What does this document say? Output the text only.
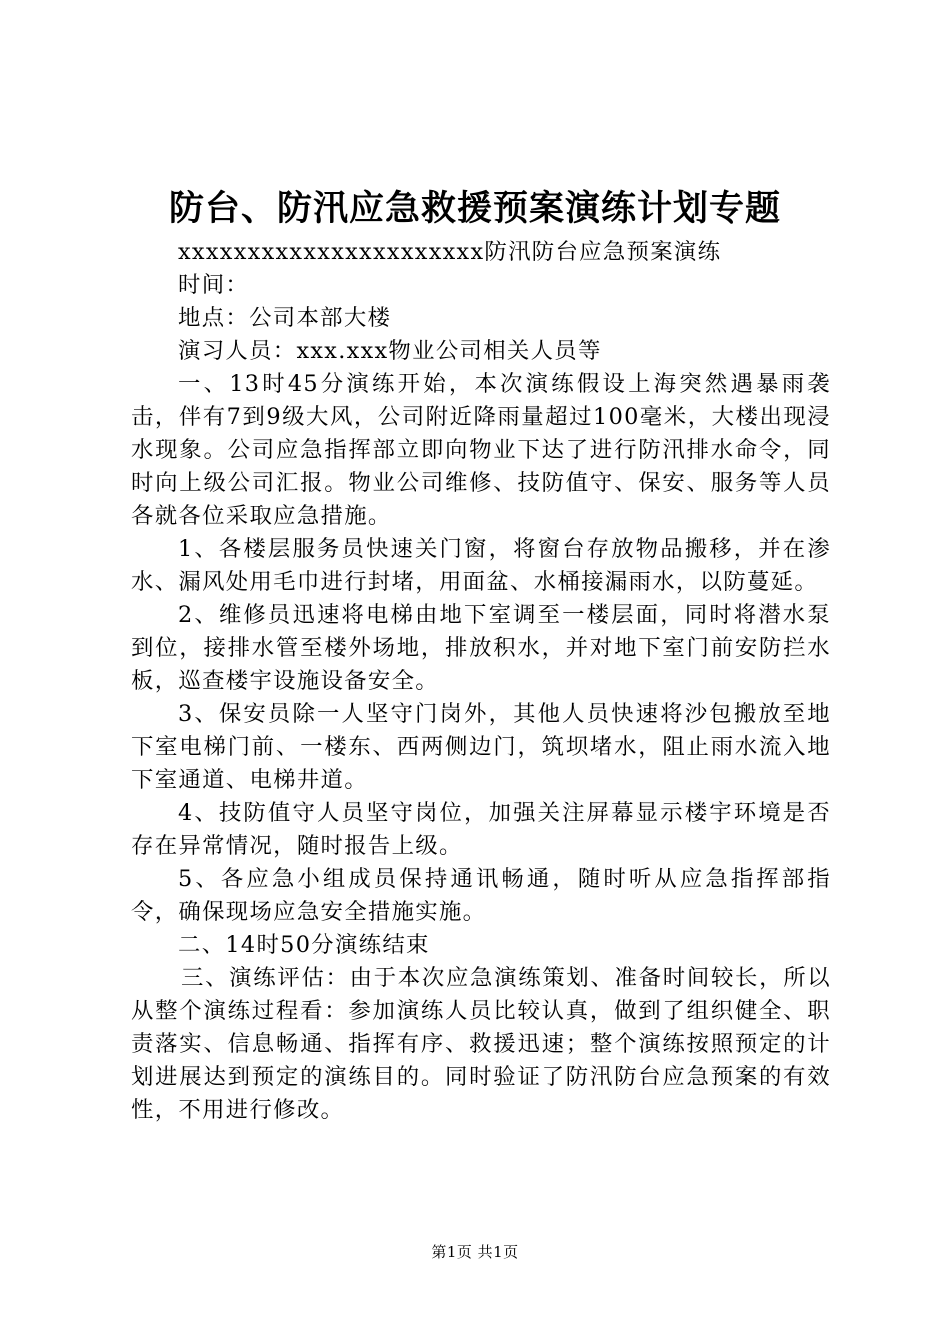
防台、防汛应急救援预案演练计划专题

xxxxxxxxxxxxxxxxxxxxxx防汛防台应急预案演练

时间：

地点：公司本部大楼

演习人员：xxx.xxx物业公司相关人员等

一、13时45分演练开始，本次演练假设上海突然遇暴雨袭击，伴有7到9级大风，公司附近降雨量超过100毫米，大楼出现浸水现象。公司应急指挥部立即向物业下达了进行防汛排水命令，同时向上级公司汇报。物业公司维修、技防值守、保安、服务等人员各就各位采取应急措施。

1、各楼层服务员快速关门窗，将窗台存放物品搬移，并在渗水、漏风处用毛巾进行封堵，用面盆、水桶接漏雨水，以防蔓延。

2、维修员迅速将电梯由地下室调至一楼层面，同时将潜水泵到位，接排水管至楼外场地，排放积水，并对地下室门前安防拦水板，巡查楼宇设施设备安全。

3、保安员除一人坚守门岗外，其他人员快速将沙包搬放至地下室电梯门前、一楼东、西两侧边门，筑坝堵水，阻止雨水流入地下室通道、电梯井道。

4、技防值守人员坚守岗位，加强关注屏幕显示楼宇环境是否存在异常情况，随时报告上级。

5、各应急小组成员保持通讯畅通，随时听从应急指挥部指令，确保现场应急安全措施实施。

二、14时50分演练结束

三、演练评估：由于本次应急演练策划、准备时间较长，所以从整个演练过程看：参加演练人员比较认真，做到了组织健全、职责落实、信息畅通、指挥有序、救援迅速；整个演练按照预定的计划进展达到预定的演练目的。同时验证了防汛防台应急预案的有效性，不用进行修改。

第1页 共1页
